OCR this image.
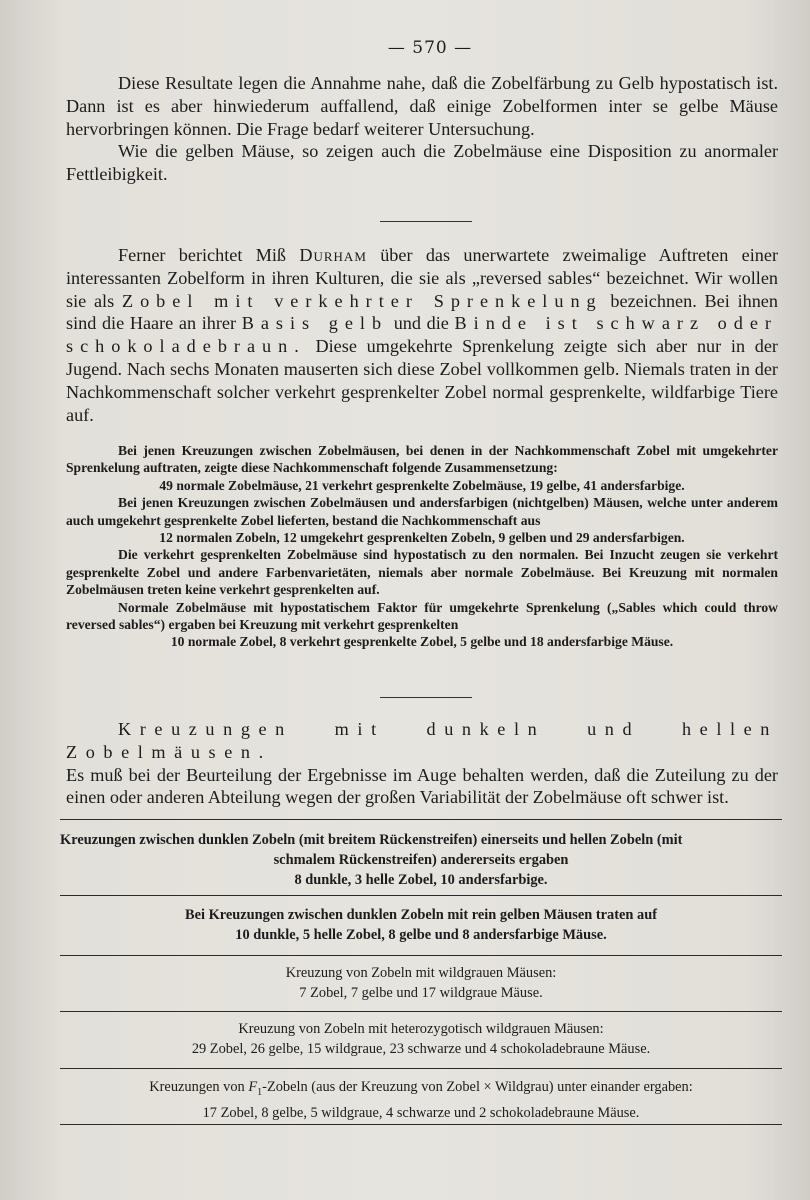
— 570 —

Diese Resultate legen die Annahme nahe, daß die Zobelfärbung zu Gelb hypostatisch ist. Dann ist es aber hinwiederum auffallend, daß einige Zobelformen inter se gelbe Mäuse hervorbringen können. Die Frage bedarf weiterer Untersuchung.

Wie die gelben Mäuse, so zeigen auch die Zobelmäuse eine Disposition zu anormaler Fettleibigkeit.

Ferner berichtet Miß Durham über das unerwartete zweimalige Auftreten einer interessanten Zobelform in ihren Kulturen, die sie als „reversed sables“ bezeichnet. Wir wollen sie als Zobel mit verkehrter Sprenkelung bezeichnen. Bei ihnen sind die Haare an ihrer Basis gelb und die Binde ist schwarz oder schokoladebraun. Diese umgekehrte Sprenkelung zeigte sich aber nur in der Jugend. Nach sechs Monaten mauserten sich diese Zobel vollkommen gelb. Niemals traten in der Nachkommenschaft solcher verkehrt gesprenkelter Zobel normal gesprenkelte, wildfarbige Tiere auf.

Bei jenen Kreuzungen zwischen Zobelmäusen, bei denen in der Nachkommenschaft Zobel mit umgekehrter Sprenkelung auftraten, zeigte diese Nachkommenschaft folgende Zusammensetzung:

49 normale Zobelmäuse, 21 verkehrt gesprenkelte Zobelmäuse, 19 gelbe, 41 andersfarbige.

Bei jenen Kreuzungen zwischen Zobelmäusen und andersfarbigen (nichtgelben) Mäusen, welche unter anderem auch umgekehrt gesprenkelte Zobel lieferten, bestand die Nachkommenschaft aus

12 normalen Zobeln, 12 umgekehrt gesprenkelten Zobeln, 9 gelben und 29 andersfarbigen.

Die verkehrt gesprenkelten Zobelmäuse sind hypostatisch zu den normalen. Bei Inzucht zeugen sie verkehrt gesprenkelte Zobel und andere Farbenvarietäten, niemals aber normale Zobelmäuse. Bei Kreuzung mit normalen Zobelmäusen treten keine verkehrt gesprenkelten auf.

Normale Zobelmäuse mit hypostatischem Faktor für umgekehrte Sprenkelung („Sables which could throw reversed sables“) ergaben bei Kreuzung mit verkehrt gesprenkelten

10 normale Zobel, 8 verkehrt gesprenkelte Zobel, 5 gelbe und 18 andersfarbige Mäuse.

Kreuzungen mit dunkeln und hellen Zobelmäusen.

Es muß bei der Beurteilung der Ergebnisse im Auge behalten werden, daß die Zuteilung zu der einen oder anderen Abteilung wegen der großen Variabilität der Zobelmäuse oft schwer ist.

Kreuzungen zwischen dunklen Zobeln (mit breitem Rückenstreifen) einerseits und hellen Zobeln (mit
schmalem Rückenstreifen) andererseits ergaben
8 dunkle, 3 helle Zobel, 10 andersfarbige.
Bei Kreuzungen zwischen dunklen Zobeln mit rein gelben Mäusen traten auf
10 dunkle, 5 helle Zobel, 8 gelbe und 8 andersfarbige Mäuse.
Kreuzung von Zobeln mit wildgrauen Mäusen:
7 Zobel, 7 gelbe und 17 wildgraue Mäuse.
Kreuzung von Zobeln mit heterozygotisch wildgrauen Mäusen:
29 Zobel, 26 gelbe, 15 wildgraue, 23 schwarze und 4 schokoladebraune Mäuse.
Kreuzungen von $F_1$-Zobeln (aus der Kreuzung von Zobel × Wildgrau) unter einander ergaben:
17 Zobel, 8 gelbe, 5 wildgraue, 4 schwarze und 2 schokoladebraune Mäuse.
